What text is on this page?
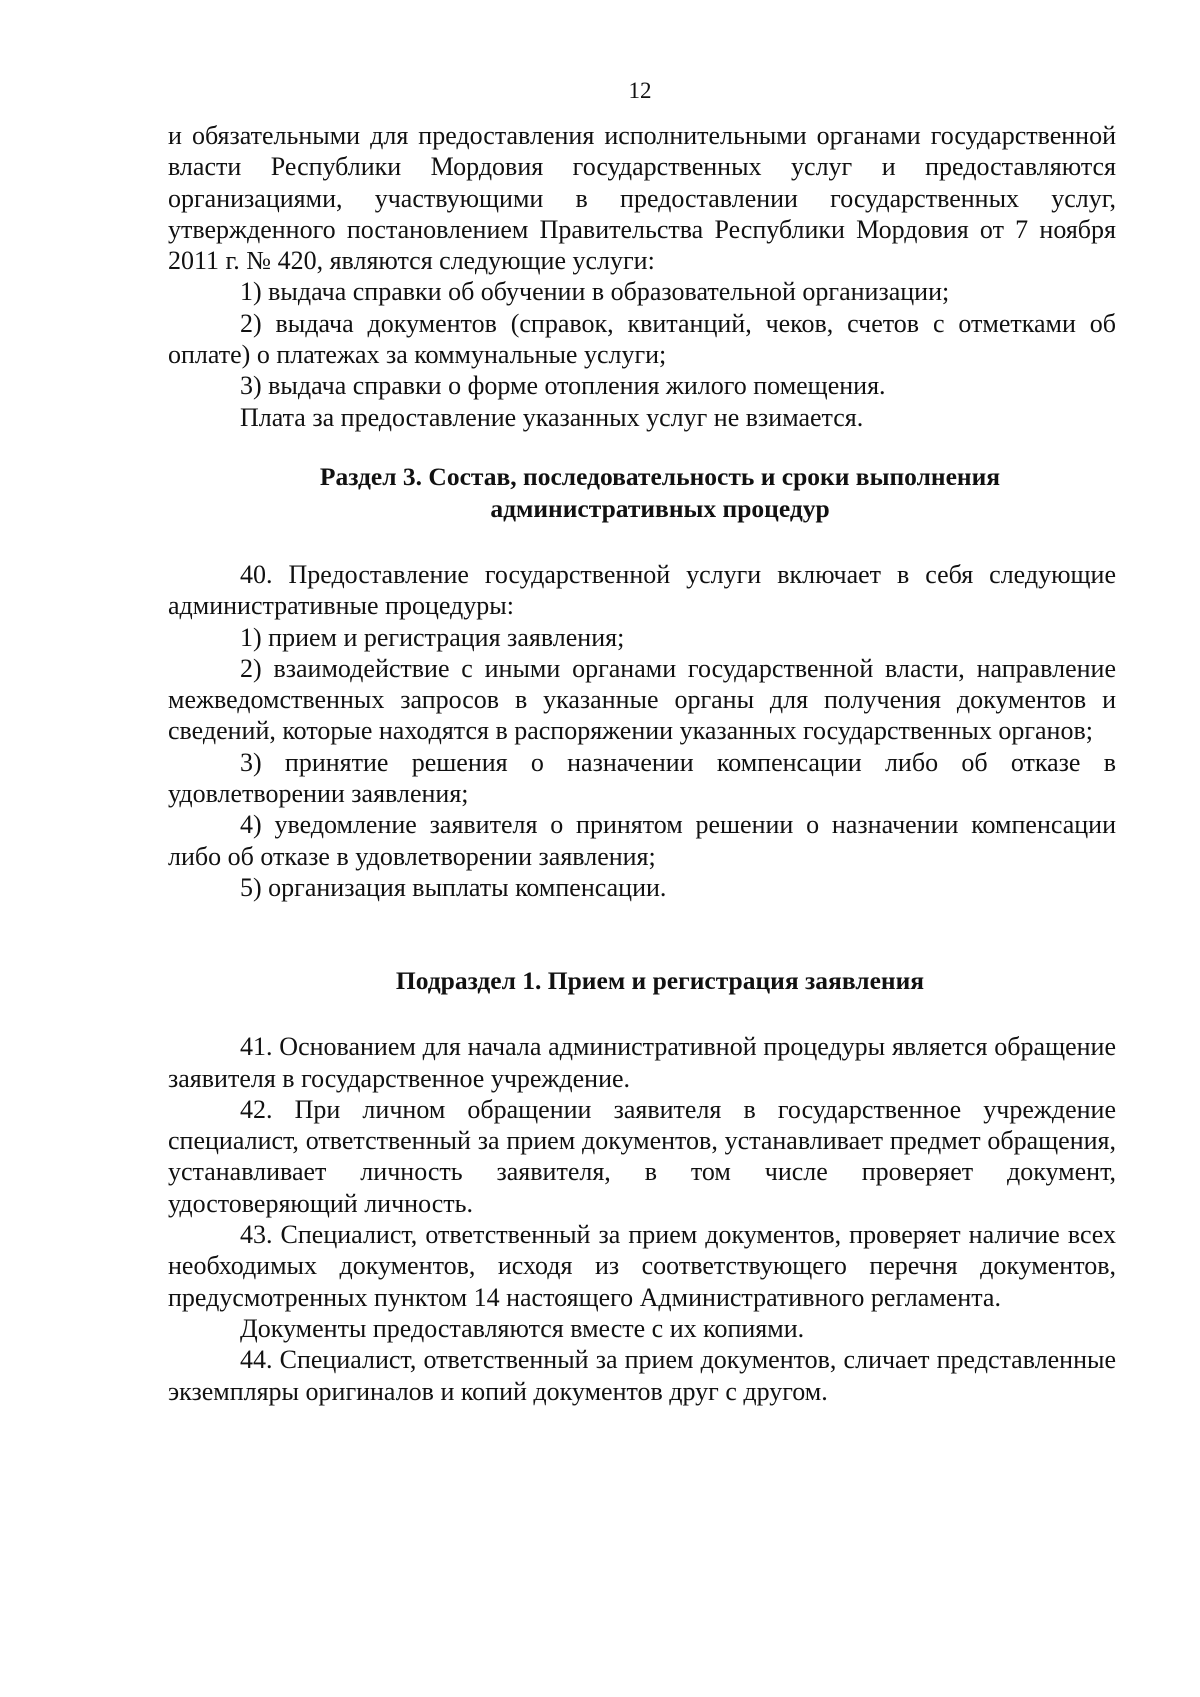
12

и обязательными для предоставления исполнительными органами государственной власти Республики Мордовия государственных услуг и предоставляются организациями, участвующими в предоставлении государственных услуг, утвержденного постановлением Правительства Республики Мордовия от 7 ноября 2011 г. № 420, являются следующие услуги:

1) выдача справки об обучении в образовательной организации;

2) выдача документов (справок, квитанций, чеков, счетов с отметками об оплате) о платежах за коммунальные услуги;

3) выдача справки о форме отопления жилого помещения.

Плата за предоставление указанных услуг не взимается.

Раздел 3. Состав, последовательность и сроки выполнения
административных процедур

40. Предоставление государственной услуги включает в себя следующие административные процедуры:

1) прием и регистрация заявления;

2) взаимодействие с иными органами государственной власти, направление межведомственных запросов в указанные органы для получения документов и сведений, которые находятся в распоряжении указанных государственных органов;

3) принятие решения о назначении компенсации либо об отказе в удовлетворении заявления;

4) уведомление заявителя о принятом решении о назначении компенсации либо об отказе в удовлетворении заявления;

5) организация выплаты компенсации.

Подраздел 1. Прием и регистрация заявления

41. Основанием для начала административной процедуры является обращение заявителя в государственное учреждение.

42. При личном обращении заявителя в государственное учреждение специалист, ответственный за прием документов, устанавливает предмет обращения, устанавливает личность заявителя, в том числе проверяет документ, удостоверяющий личность.

43. Специалист, ответственный за прием документов, проверяет наличие всех необходимых документов, исходя из соответствующего перечня документов, предусмотренных пунктом 14 настоящего Административного регламента.

Документы предоставляются вместе с их копиями.

44. Специалист, ответственный за прием документов, сличает представленные экземпляры оригиналов и копий документов друг с другом.
